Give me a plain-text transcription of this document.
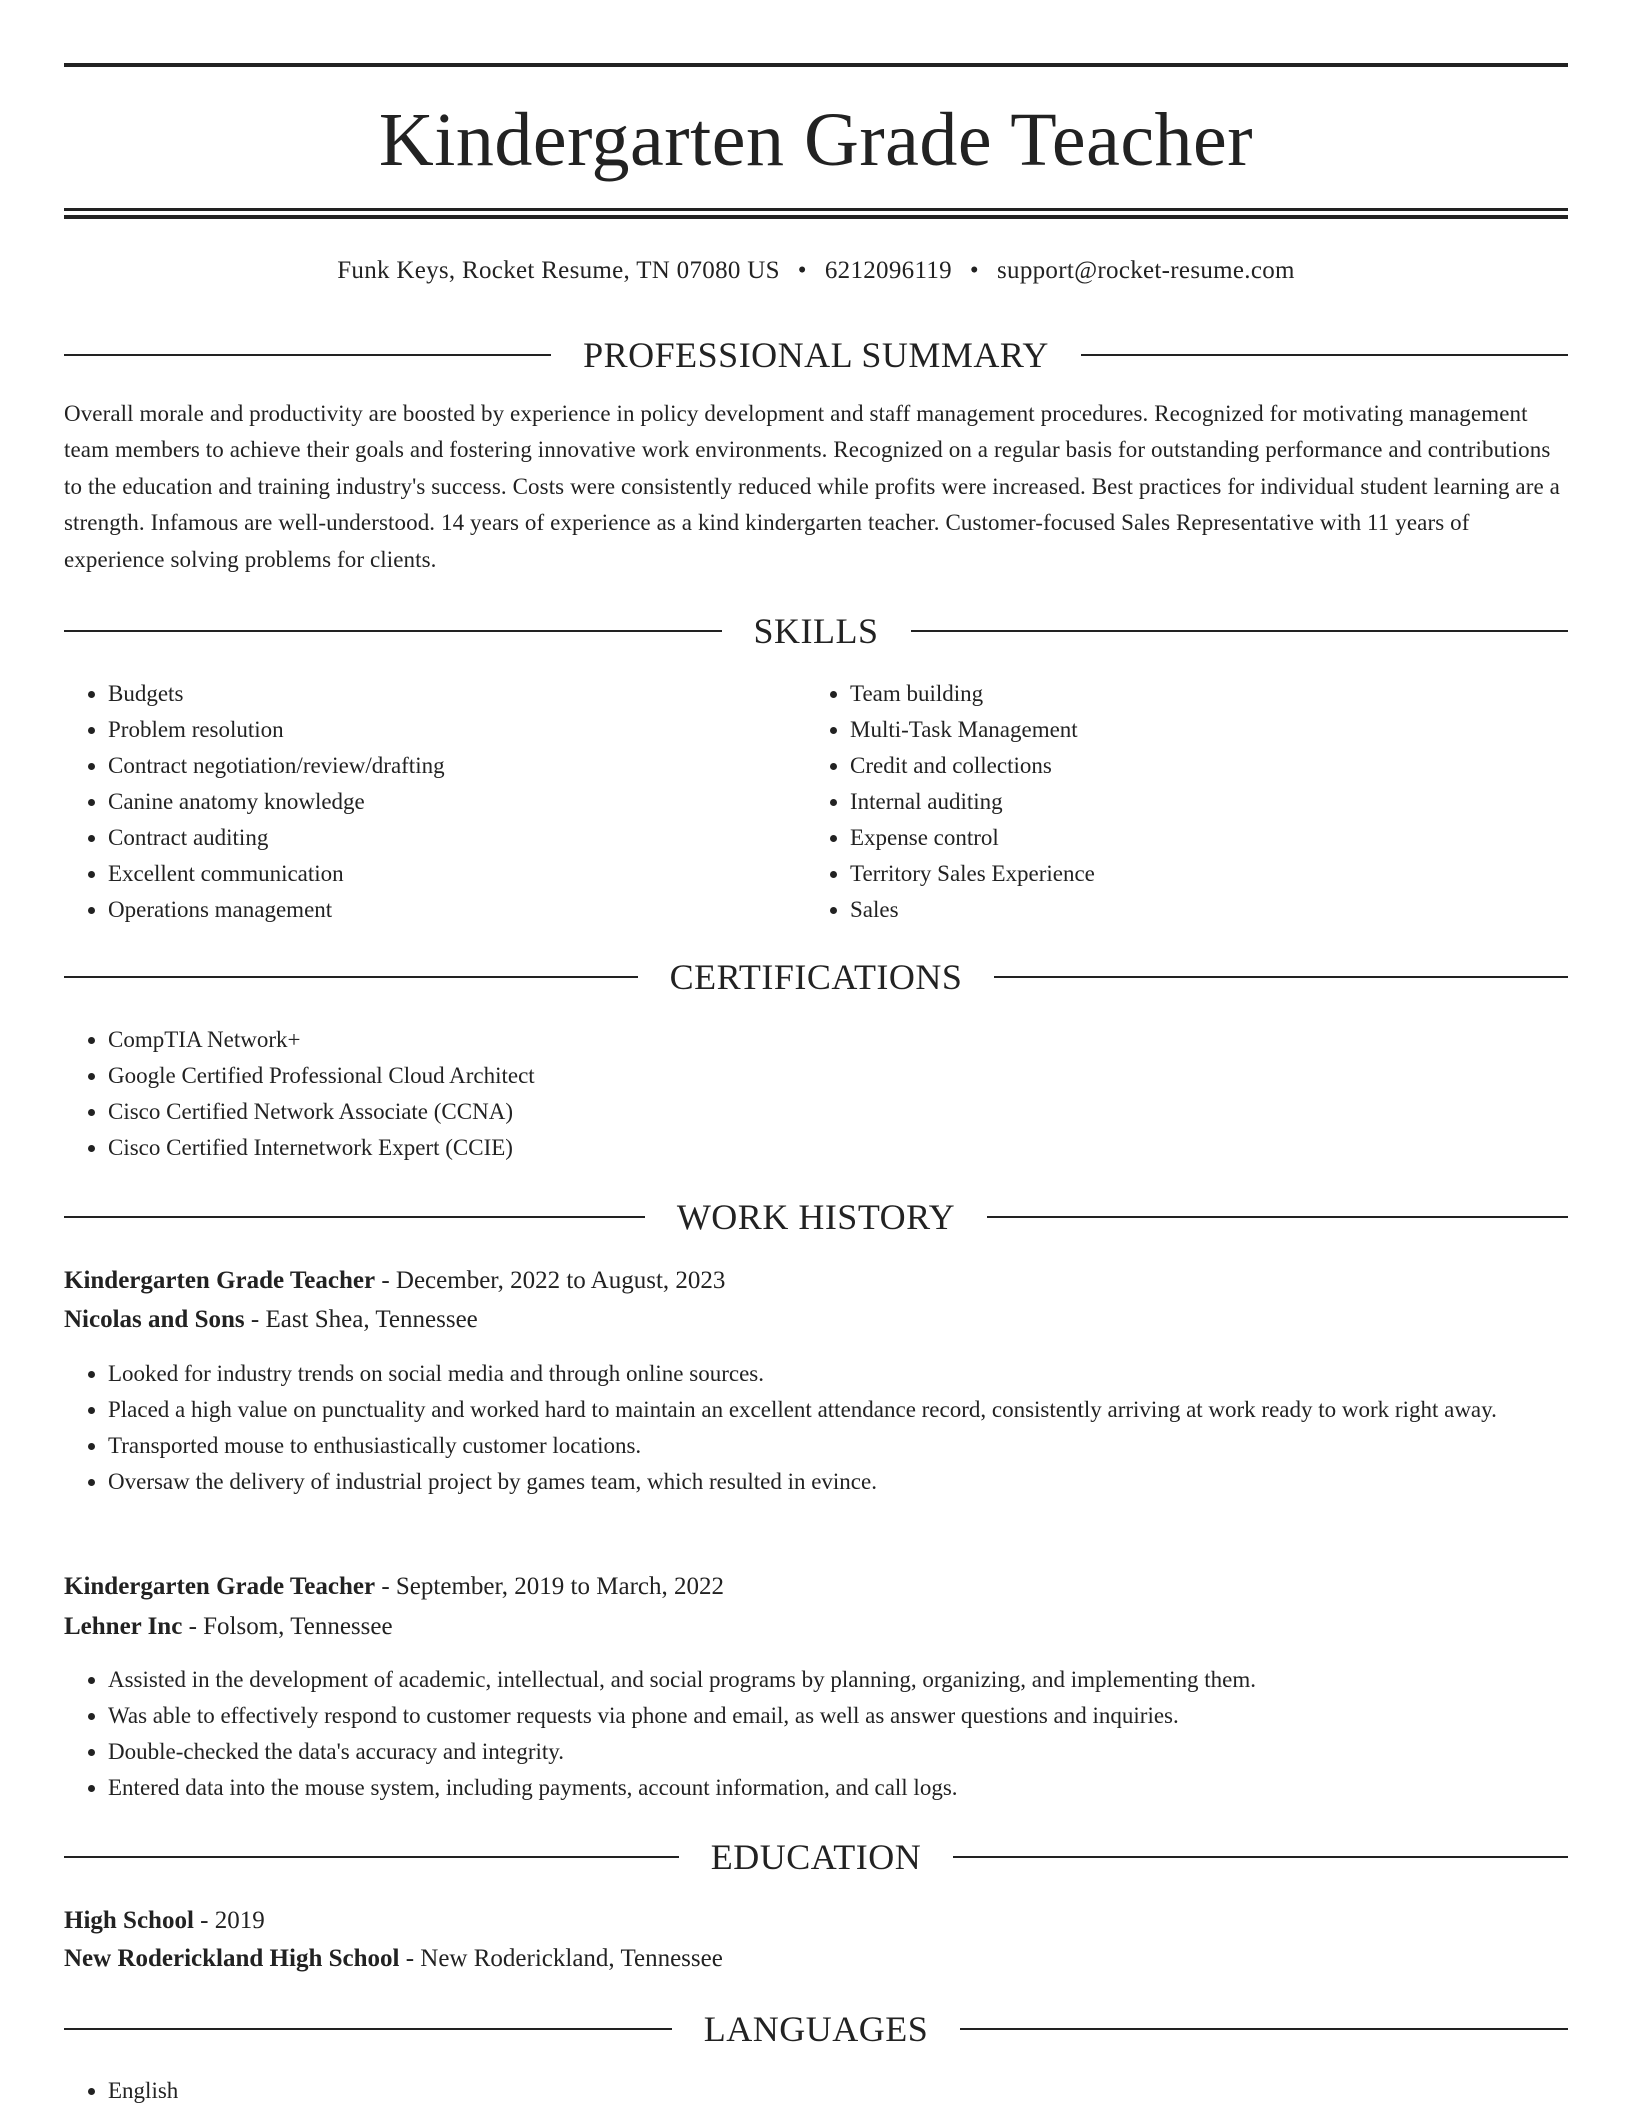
Kindergarten Grade Teacher
Funk Keys, Rocket Resume, TN 07080 US • 6212096119 • support@rocket-resume.com
PROFESSIONAL SUMMARY
Overall morale and productivity are boosted by experience in policy development and staff management procedures. Recognized for motivating management team members to achieve their goals and fostering innovative work environments. Recognized on a regular basis for outstanding performance and contributions to the education and training industry's success. Costs were consistently reduced while profits were increased. Best practices for individual student learning are a strength. Infamous are well-understood. 14 years of experience as a kind kindergarten teacher. Customer-focused Sales Representative with 11 years of experience solving problems for clients.
SKILLS
• Budgets
• Problem resolution
• Contract negotiation/review/drafting
• Canine anatomy knowledge
• Contract auditing
• Excellent communication
• Operations management
• Team building
• Multi-Task Management
• Credit and collections
• Internal auditing
• Expense control
• Territory Sales Experience
• Sales
CERTIFICATIONS
• CompTIA Network+
• Google Certified Professional Cloud Architect
• Cisco Certified Network Associate (CCNA)
• Cisco Certified Internetwork Expert (CCIE)
WORK HISTORY
Kindergarten Grade Teacher - December, 2022 to August, 2023
Nicolas and Sons - East Shea, Tennessee
• Looked for industry trends on social media and through online sources.
• Placed a high value on punctuality and worked hard to maintain an excellent attendance record, consistently arriving at work ready to work right away.
• Transported mouse to enthusiastically customer locations.
• Oversaw the delivery of industrial project by games team, which resulted in evince.
Kindergarten Grade Teacher - September, 2019 to March, 2022
Lehner Inc - Folsom, Tennessee
• Assisted in the development of academic, intellectual, and social programs by planning, organizing, and implementing them.
• Was able to effectively respond to customer requests via phone and email, as well as answer questions and inquiries.
• Double-checked the data's accuracy and integrity.
• Entered data into the mouse system, including payments, account information, and call logs.
EDUCATION
High School - 2019
New Roderickland High School - New Roderickland, Tennessee
LANGUAGES
• English
